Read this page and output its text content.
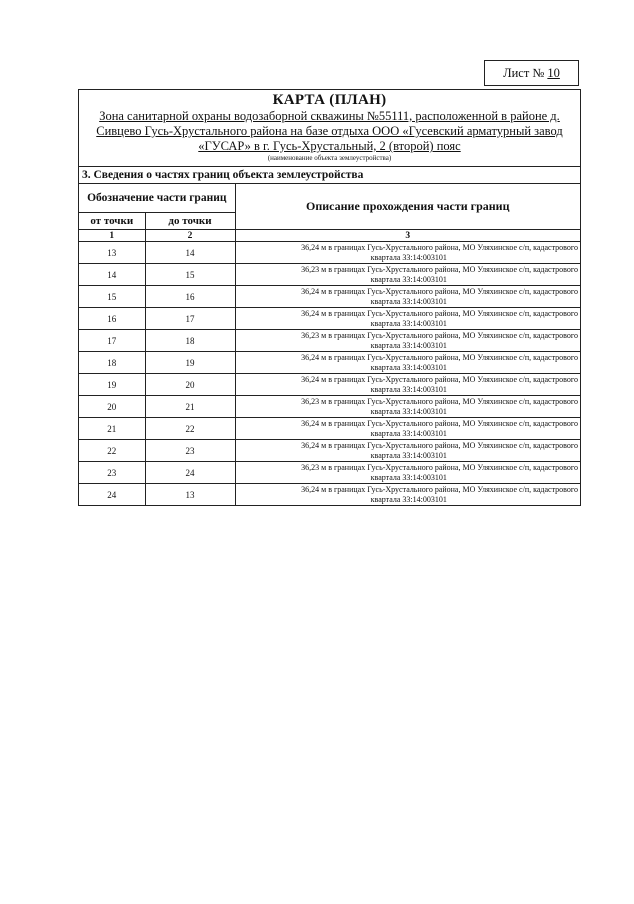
Лист № 10
КАРТА (ПЛАН)
Зона санитарной охраны водозаборной скважины №55111, расположенной в районе д.
Сивцево Гусь-Хрустального района на базе отдыха ООО «Гусевский арматурный завод
«ГУСАР» в г. Гусь-Хрустальный, 2 (второй) пояс
(наименование объекта землеустройства)
3. Сведения о частях границ объекта землеустройства
Обозначение части границ		Описание прохождения части границ
от точки	до точки	
1	2	3
13	14	36,24 м в границах Гусь-Хрустального района, МО Уляхинское с/п, кадастрового
квартала 33:14:003101

14	15	36,23 м в границах Гусь-Хрустального района, МО Уляхинское с/п, кадастрового
квартала 33:14:003101

15	16	36,24 м в границах Гусь-Хрустального района, МО Уляхинское с/п, кадастрового
квартала 33:14:003101

16	17	36,24 м в границах Гусь-Хрустального района, МО Уляхинское с/п, кадастрового
квартала 33:14:003101

17	18	36,23 м в границах Гусь-Хрустального района, МО Уляхинское с/п, кадастрового
квартала 33:14:003101

18	19	36,24 м в границах Гусь-Хрустального района, МО Уляхинское с/п, кадастрового
квартала 33:14:003101

19	20	36,24 м в границах Гусь-Хрустального района, МО Уляхинское с/п, кадастрового
квартала 33:14:003101

20	21	36,23 м в границах Гусь-Хрустального района, МО Уляхинское с/п, кадастрового
квартала 33:14:003101

21	22	36,24 м в границах Гусь-Хрустального района, МО Уляхинское с/п, кадастрового
квартала 33:14:003101

22	23	36,24 м в границах Гусь-Хрустального района, МО Уляхинское с/п, кадастрового
квартала 33:14:003101

23	24	36,23 м в границах Гусь-Хрустального района, МО Уляхинское с/п, кадастрового
квартала 33:14:003101

24	13	36,24 м в границах Гусь-Хрустального района, МО Уляхинское с/п, кадастрового
квартала 33:14:003101
